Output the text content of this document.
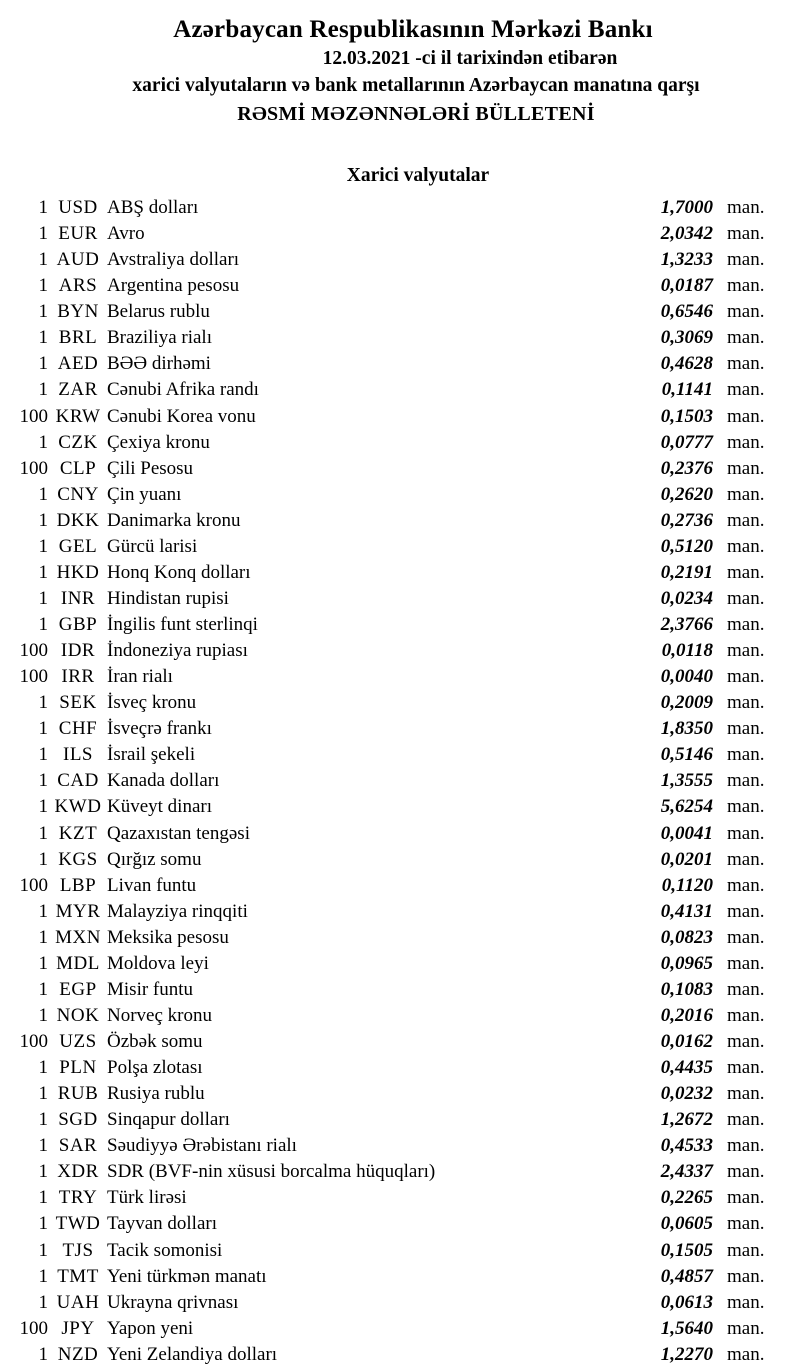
Azərbaycan Respublikasının Mərkəzi Bankı
12.03.2021 -ci il tarixindən etibarən
xarici valyutaların və bank metallarının Azərbaycan manatına qarşı
RƏSMİ MƏZƏNNƏLƏRİ BÜLLETENİ
Xarici valyutalar
1 USD ABŞ dolları	1,7000 man.
1 EUR Avro	2,0342 man.
1 AUD Avstraliya dolları	1,3233 man.
1 ARS Argentina pesosu	0,0187 man.
1 BYN Belarus rublu	0,6546 man.
1 BRL Braziliya rialı	0,3069 man.
1 AED BƏƏ dirhəmi	0,4628 man.
1 ZAR Cənubi Afrika randı	0,1141 man.
100 KRW Cənubi Korea vonu	0,1503 man.
1 CZK Çexiya kronu	0,0777 man.
100 CLP Çili Pesosu	0,2376 man.
1 CNY Çin yuanı	0,2620 man.
1 DKK Danimarka kronu	0,2736 man.
1 GEL Gürcü larisi	0,5120 man.
1 HKD Honq Konq dolları	0,2191 man.
1 INR Hindistan rupisi	0,0234 man.
1 GBP İngilis funt sterlinqi	2,3766 man.
100 IDR İndoneziya rupiası	0,0118 man.
100 IRR İran rialı	0,0040 man.
1 SEK İsveç kronu	0,2009 man.
1 CHF İsveçrə frankı	1,8350 man.
1 ILS İsrail şekeli	0,5146 man.
1 CAD Kanada dolları	1,3555 man.
1 KWD Küveyt dinarı	5,6254 man.
1 KZT Qazaxıstan tengəsi	0,0041 man.
1 KGS Qırğız somu	0,0201 man.
100 LBP Livan funtu	0,1120 man.
1 MYR Malayziya rinqqiti	0,4131 man.
1 MXN Meksika pesosu	0,0823 man.
1 MDL Moldova leyi	0,0965 man.
1 EGP Misir funtu	0,1083 man.
1 NOK Norveç kronu	0,2016 man.
100 UZS Özbək somu	0,0162 man.
1 PLN Polşa zlotası	0,4435 man.
1 RUB Rusiya rublu	0,0232 man.
1 SGD Sinqapur dolları	1,2672 man.
1 SAR Səudiyyə Ərəbistanı rialı	0,4533 man.
1 XDR SDR (BVF-nin xüsusi borcalma hüquqları)	2,4337 man.
1 TRY Türk lirəsi	0,2265 man.
1 TWD Tayvan dolları	0,0605 man.
1 TJS Tacik somonisi	0,1505 man.
1 TMT Yeni türkmən manatı	0,4857 man.
1 UAH Ukrayna qrivnası	0,0613 man.
100 JPY Yapon yeni	1,5640 man.
1 NZD Yeni Zelandiya dolları	1,2270 man.
